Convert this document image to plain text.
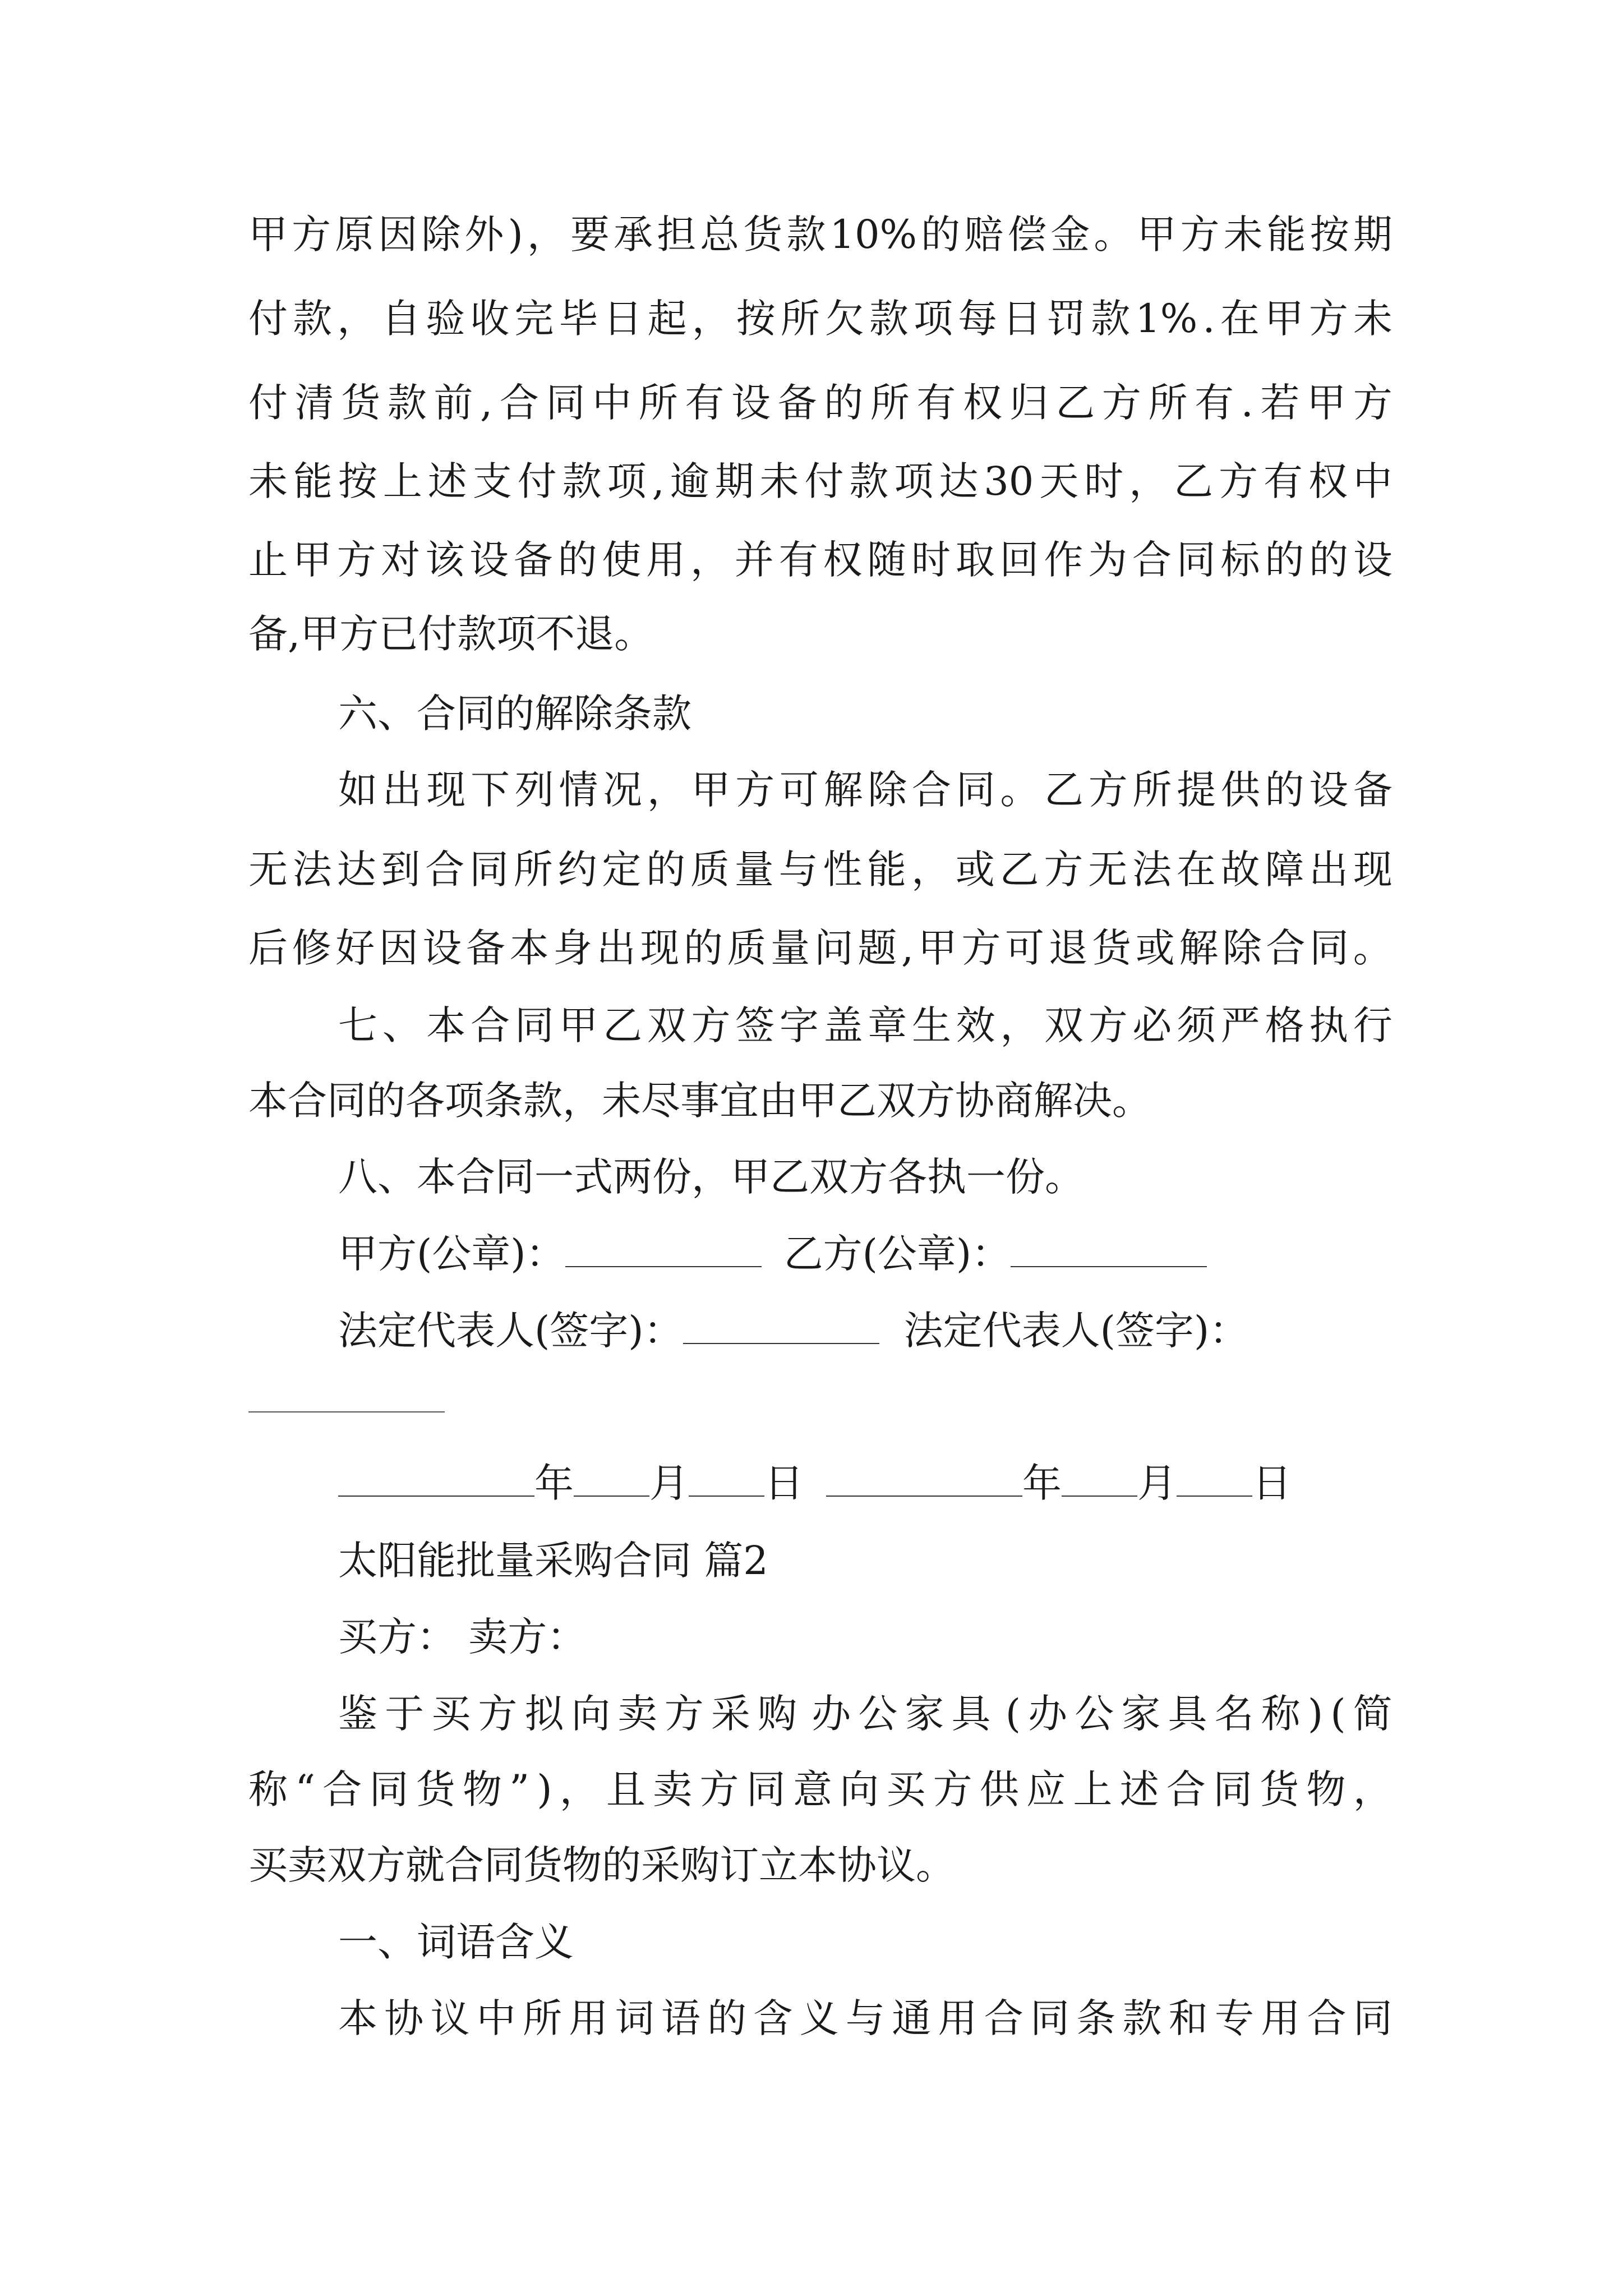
甲 方 原 因 除 外 ) ， 要 承 担 总 货 款 10% 的 赔 偿 金 。 甲 方 未 能 按 期
付 款 ， 自 验 收 完 毕 日 起 ， 按 所 欠 款 项 每 日 罚 款 1% . 在 甲 方 未
付 清 货 款 前 , 合 同 中 所 有 设 备 的 所 有 权 归 乙 方 所 有 . 若 甲 方
未 能 按 上 述 支 付 款 项 , 逾 期 未 付 款 项 达 30 天 时 ， 乙 方 有 权 中
止 甲 方 对 该 设 备 的 使 用 ， 并 有 权 随 时 取 回 作 为 合 同 标 的 的 设
备,甲方已付款项不退。
六、合同的解除条款
如 出 现 下 列 情 况 ， 甲 方 可 解 除 合 同 。 乙 方 所 提 供 的 设 备
无 法 达 到 合 同 所 约 定 的 质 量 与 性 能 ， 或 乙 方 无 法 在 故 障 出 现
后 修 好 因 设 备 本 身 出 现 的 质 量 问 题 , 甲 方 可 退 货 或 解 除 合 同 。
七 、 本 合 同 甲 乙 双 方 签 字 盖 章 生 效 ， 双 方 必 须 严 格 执 行
本合同的各项条款，未尽事宜由甲乙双方协商解决。
八、本合同一式两份，甲乙双方各执一份。
甲方(公章)：	乙方(公章)：
法定代表人(签字)：	法定代表人(签字)：
年 月 日	年 月 日
太阳能批量采购合同 篇2
买方： 卖方：
鉴 于 买 方 拟 向 卖 方 采 购 办 公 家 具 ( 办 公 家 具 名 称 ) ( 简
称 “ 合 同 货 物 ” ) ， 且 卖 方 同 意 向 买 方 供 应 上 述 合 同 货 物 ，
买卖双方就合同货物的采购订立本协议。
一、词语含义
本 协 议 中 所 用 词 语 的 含 义 与 通 用 合 同 条 款 和 专 用 合 同
